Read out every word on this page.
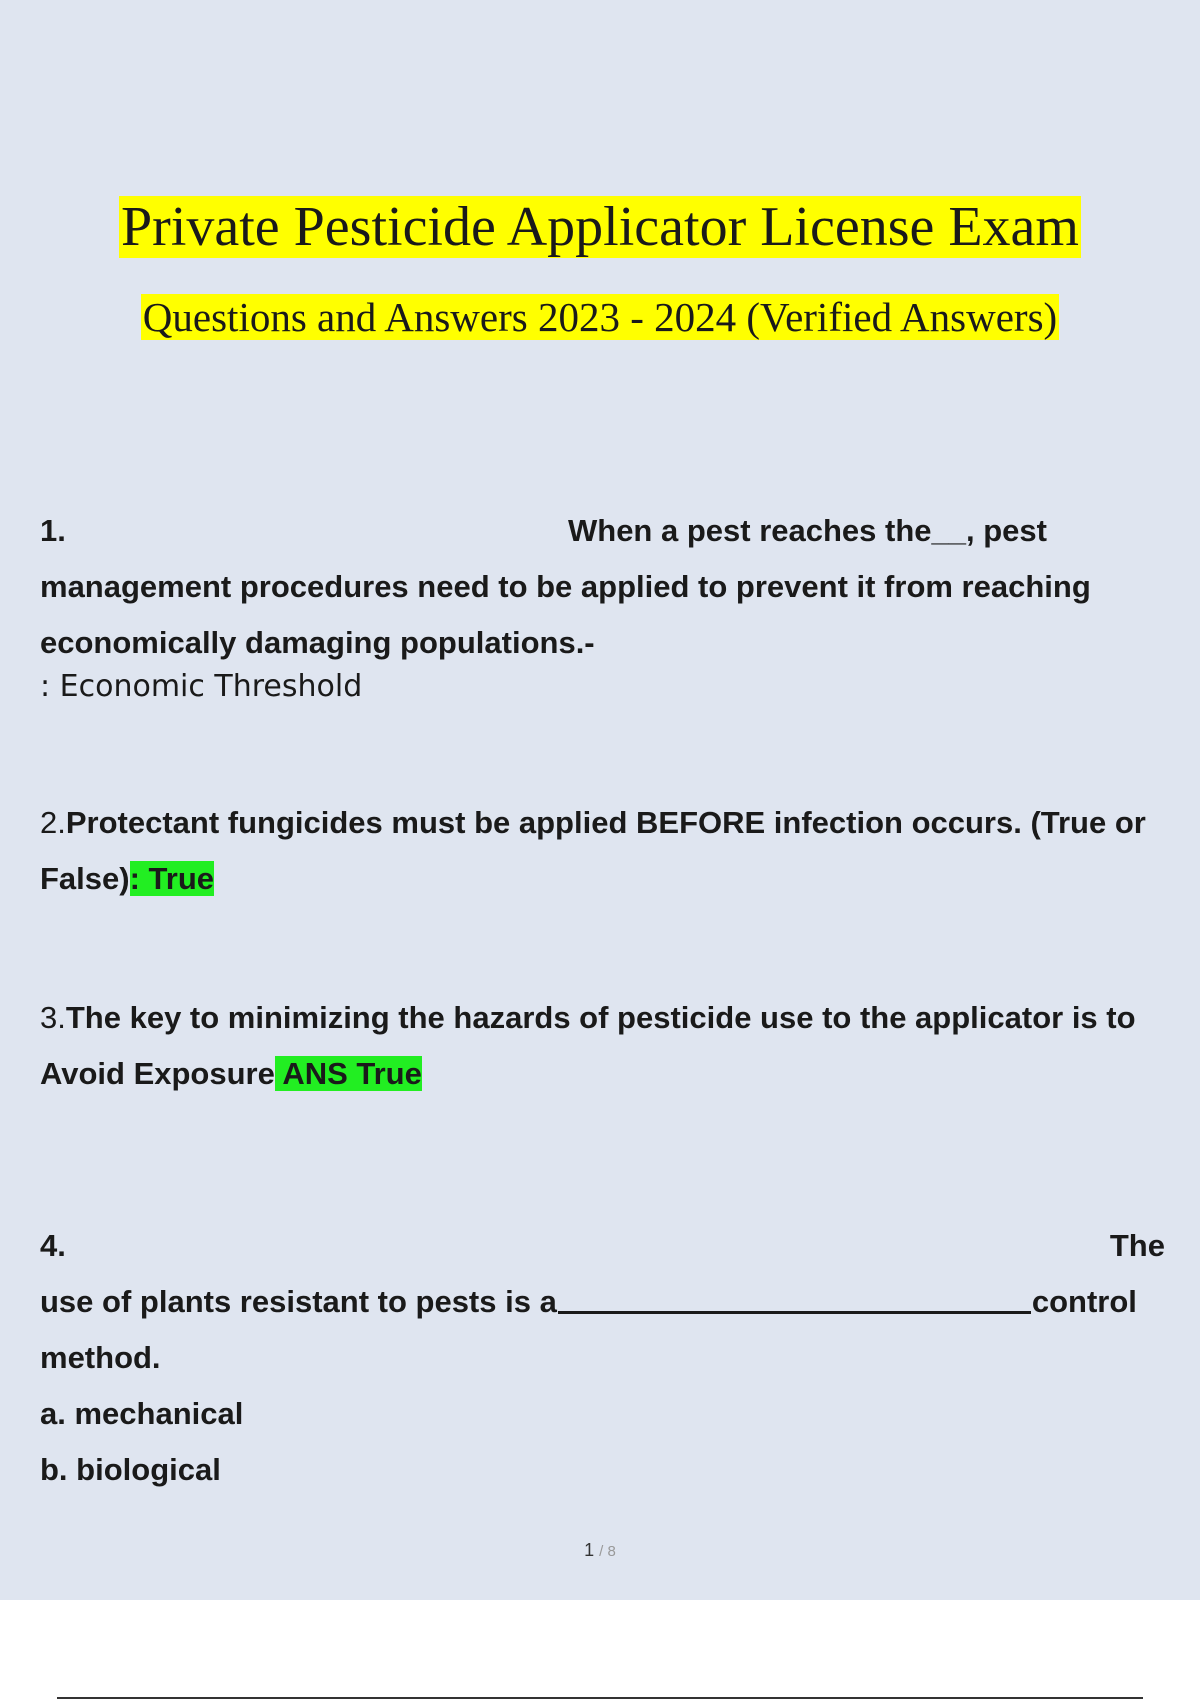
Private Pesticide Applicator License Exam
Questions and Answers 2023 - 2024 (Verified Answers)
1.	When a pest reaches the__, pest
management procedures need to be applied to prevent it from reaching
economically damaging populations.-
: Economic Threshold
2.Protectant fungicides must be applied BEFORE infection occurs. (True or False): True
3.The key to minimizing the hazards of pesticide use to the applicator is to Avoid Exposure ANS True
4.	The
use of plants resistant to pests is a	control
method.
a. mechanical
b. biological
1 / 8
